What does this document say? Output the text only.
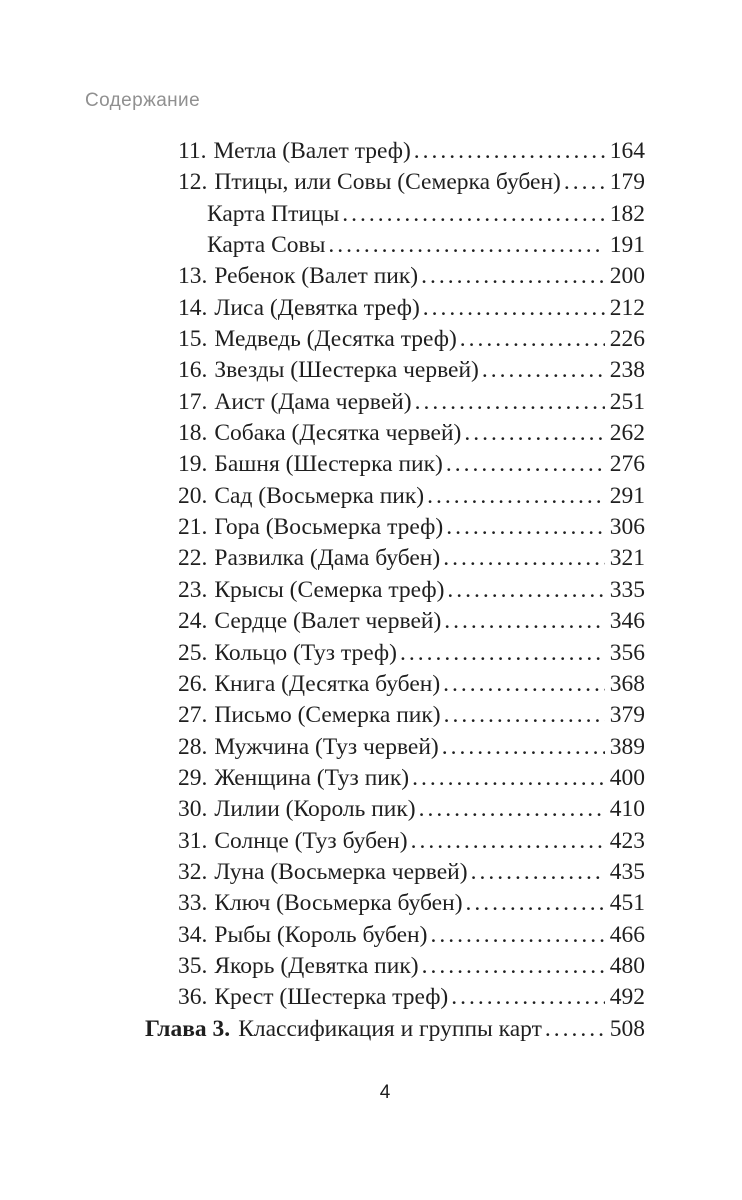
Содержание
11. Метла (Валет треф) .....	164
12. Птицы, или Совы (Семерка бубен) ..... 179
Карта Птицы .....	182
Карта Совы .....	191
13. Ребенок (Валет пик) .....	200
14. Лиса (Девятка треф) .....	212
15. Медведь (Десятка треф) .....	226
16. Звезды (Шестерка червей) .....	238
17. Аист (Дама червей) .....	251
18. Собака (Десятка червей) .....	262
19. Башня (Шестерка пик) .....	276
20. Сад (Восьмерка пик) .....	291
21. Гора (Восьмерка треф) .....	306
22. Развилка (Дама бубен) .....	321
23. Крысы (Семерка треф) .....	335
24. Сердце (Валет червей) .....	346
25. Кольцо (Туз треф) .....	356
26. Книга (Десятка бубен) .....	368
27. Письмо (Семерка пик) .....	379
28. Мужчина (Туз червей) .....	389
29. Женщина (Туз пик) .....	400
30. Лилии (Король пик) .....	410
31. Солнце (Туз бубен) .....	423
32. Луна (Восьмерка червей) .....	435
33. Ключ (Восьмерка бубен) .....	451
34. Рыбы (Король бубен) .....	466
35. Якорь (Девятка пик) .....	480
36. Крест (Шестерка треф) .....	492
Глава 3. Классификация и группы карт .....	508
4
